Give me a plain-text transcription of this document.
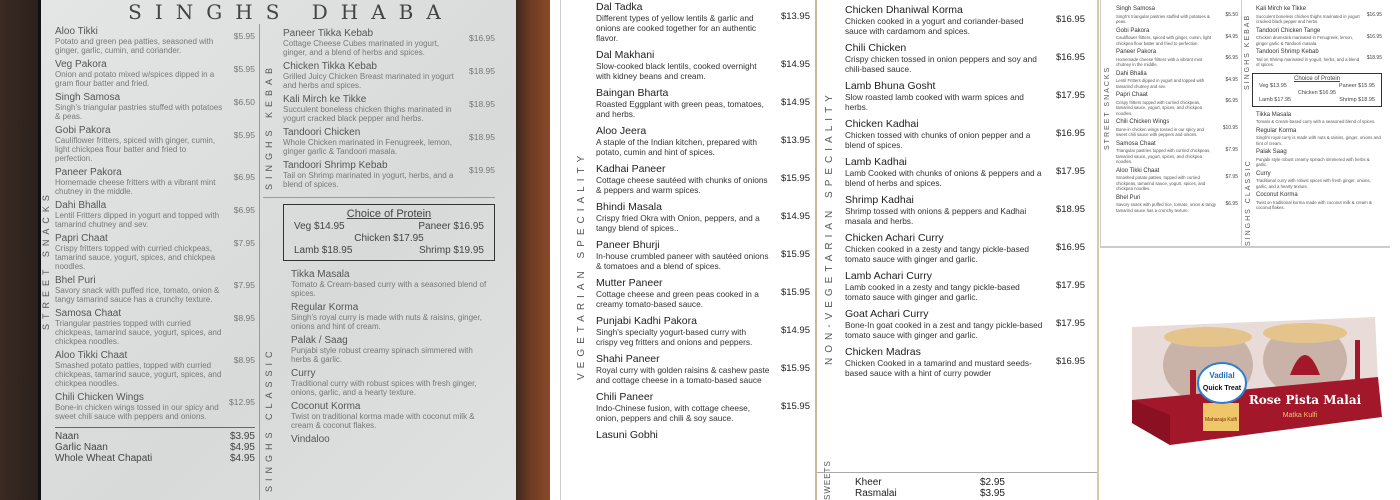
SINGHS DHABA
STREET SNACKS
Aloo Tikki
Potato and green pea patties, seasoned with ginger, garlic, cumin, and coriander.
$5.95
Veg Pakora
Onion and potato mixed w/spices dipped in a gram flour batter and fried.
$5.95
Singh Samosa
Singh's triangular pastries stuffed with potatoes & peas.
$6.50
Gobi Pakora
Cauliflower fritters, spiced with ginger, cumin, light chickpea flour batter and fried to perfection.
$5.95
Paneer Pakora
Homemade cheese fritters with a vibrant mint chutney in the middle.
$6.95
Dahi Bhalla
Lentil Fritters dipped in yogurt and topped with tamarind chutney and sev.
$6.95
Papri Chaat
Crispy fritters topped with curried chickpeas, tamarind sauce, yogurt, spices, and chickpea noodles.
$7.95
Bhel Puri
Savory snack with puffed rice, tomato, onion & tangy tamarind sauce has a crunchy texture.
$7.95
Samosa Chaat
Triangular pastries topped with curried chickpeas, tamarind sauce, yogurt, spices, and chickpea noodles.
$8.95
Aloo Tikki Chaat
Smashed potato patties, topped with curried chickpeas, tamarind sauce, yogurt, spices, and chickpea noodles.
$8.95
Chili Chicken Wings
Bone-in chicken wings tossed in our spicy and sweet chili sauce with peppers and onions.
$12.95
Naan	$3.95
Garlic Naan	$4.95
Whole Wheat Chapati	$4.95
SINGHS KEBAB
SINGHS CLASSIC
Paneer Tikka Kebab
Cottage Cheese Cubes marinated in yogurt, ginger, and a blend of herbs and spices.
$16.95
Chicken Tikka Kebab
Grilled Juicy Chicken Breast marinated in yogurt and herbs and spices.
$18.95
Kali Mirch ke Tikke
Succulent boneless chicken thighs marinated in yogurt cracked black pepper and herbs.
$18.95
Tandoori Chicken
Whole Chicken marinated in Fenugreek, lemon, ginger garlic & Tandoori masala.
$18.95
Tandoori Shrimp Kebab
Tail on Shrimp marinated in yogurt, herbs, and a blend of spices.
$19.95
Choice of Protein
Veg $14.95	Paneer $16.95
Chicken $17.95
Lamb $18.95	Shrimp $19.95
Tikka Masala
Tomato & Cream-based curry with a seasoned blend of spices.
Regular Korma
Singh's royal curry is made with nuts & raisins, ginger, onions and hint of cream.
Palak / Saag
Punjabi style robust creamy spinach simmered with herbs & garlic.
Curry
Traditional curry with robust spices with fresh ginger, onions, garlic, and a hearty texture.
Coconut Korma
Twist on traditional korma made with coconut milk & cream & coconut flakes.
Vindaloo
VEGETARIAN SPECIALITY
Dal Tadka
Different types of yellow lentils & garlic and onions are cooked together for an authentic flavor.
$13.95
Dal Makhani
Slow-cooked black lentils, cooked overnight with kidney beans and cream.
$14.95
Baingan Bharta
Roasted Eggplant with green peas, tomatoes, and herbs.
$14.95
Aloo Jeera
A staple of the Indian kitchen, prepared with potato, cumin and hint of spices.
$13.95
Kadhai Paneer
Cottage cheese sautéed with chunks of onions & peppers and warm spices.
$15.95
Bhindi Masala
Crispy fried Okra with Onion, peppers, and a tangy blend of spices..
$14.95
Paneer Bhurji
In-house crumbled paneer with sautéed onions & tomatoes and a blend of spices.
$15.95
Mutter Paneer
Cottage cheese and green peas cooked in a creamy tomato-based sauce.
$15.95
Punjabi Kadhi Pakora
Singh's specialty yogurt-based curry with crispy veg fritters and onions and peppers.
$14.95
Shahi Paneer
Royal curry with golden raisins & cashew paste and cottage cheese in a tomato-based sauce
$15.95
Chili Paneer
Indo-Chinese fusion, with cottage cheese, onion, peppers and chili & soy sauce.
$15.95
Lasuni Gobhi
NON-VEGETARIAN SPECIALITY
Chicken Dhaniwal Korma
Chicken cooked in a yogurt and coriander-based sauce with cardamom and spices.
$16.95
Chili Chicken
Crispy chicken tossed in onion peppers and soy and chili-based sauce.
$16.95
Lamb Bhuna Gosht
Slow roasted lamb cooked with warm spices and herbs.
$17.95
Chicken Kadhai
Chicken tossed with chunks of onion pepper and a blend of spices.
$16.95
Lamb Kadhai
Lamb Cooked with chunks of onions & peppers and a blend of herbs and spices.
$17.95
Shrimp Kadhai
Shrimp tossed with onions & peppers and Kadhai masala and herbs.
$18.95
Chicken Achari Curry
Chicken cooked in a zesty and tangy pickle-based tomato sauce with ginger and garlic.
$16.95
Lamb Achari Curry
Lamb cooked in a zesty and tangy pickle-based tomato sauce with ginger and garlic.
$17.95
Goat Achari Curry
Bone-In goat cooked in a zest and tangy pickle-based tomato sauce with ginger and garlic.
$17.95
Chicken Madras
Chicken Cooked in a tamarind and mustard seeds-based sauce with a hint of curry powder
$16.95
SWEETS Kheer	$2.95
Rasmalai	$3.95
STREET SNACKS
Singh Samosa
Singh's triangular pastries stuffed with potatoes & peas.
$5.50
Gobi Pakora
Cauliflower fritters, spiced with ginger, cumin, light chickpea flour batter and fried to perfection.
$4.95
Paneer Pakora
Homemade cheese fritters with a vibrant mint chutney in the middle.
$6.95
Dahi Bhalla
Lentil Fritters dipped in yogurt and topped with tamarind chutney and sev.
$4.95
Papri Chaat
Crispy fritters topped with curried chickpeas, tamarind sauce, yogurt, spices, and chickpea noodles.
$6.95
Chili Chicken Wings
Bone-in chicken wings tossed in our spicy and sweet chili sauce with peppers and onions.
$10.95
Samosa Chaat
Triangular pastries topped with curried chickpeas, tamarind sauce, yogurt, spices, and chickpea noodles.
$7.95
Aloo Tikki Chaat
Smashed potato patties, topped with curried chickpeas, tamarind sauce, yogurt, spices, and chickpea noodles.
$7.95
Bhel Puri
Savory snack with puffed rice, tomato, onion & tangy tamarind sauce has a crunchy texture.
$6.95
SINGHS KEBAB
Kali Mirch ke Tikke
Succulent boneless chicken thighs marinated in yogurt cracked black pepper and herbs.
$16.95
Tandoori Chicken Tange
Chicken drumstick marinated in Fenugreek, lemon, ginger garlic & Tandoori masala.
$16.95
Tandoori Shrimp Kebab
Tail on Shrimp marinated in yogurt, herbs, and a blend of spices.
$18.95
Choice of Protein
Veg $13.95	Paneer $15.95
Chicken $16.95
Lamb $17.95	Shrimp $18.95
Tikka Masala
Tomato & Cream-based curry with a seasoned blend of spices.
Regular Korma
Singh's royal curry is made with nuts & raisins, ginger, onions and hint of cream.
Palak Saag
Punjabi style robust creamy spinach simmered with herbs & garlic.
Curry
Traditional curry with robust spices with fresh ginger, onions, garlic, and a hearty texture.
Coconut Korma
Twist on traditional korma made with coconut milk & cream & coconut flakes.
SINGHS CLASSIC
Vadilal
Quick Treat
Maharaja Kulfi
Rose Pista Malai
Matka Kulfi
